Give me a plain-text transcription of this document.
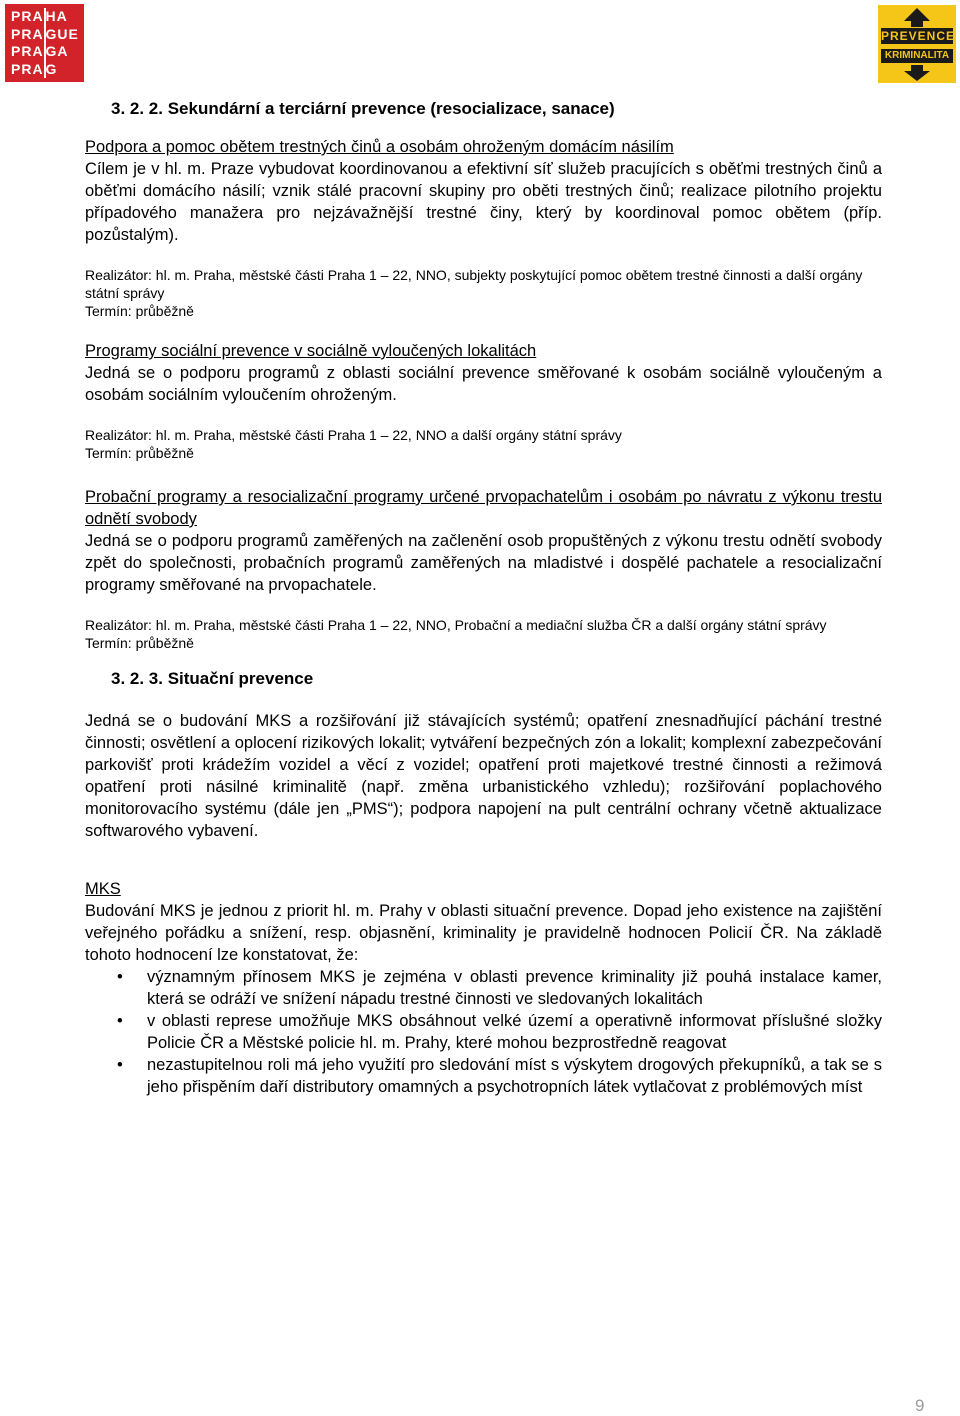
PRA HA
PRA GUE
PRA GA
PRA G
PREVENCE
KRIMINALITA

3. 2. 2. Sekundární a terciární prevence (resocializace, sanace)

Podpora a pomoc obětem trestných činů a osobám ohroženým domácím násilím

Cílem je v hl. m. Praze vybudovat koordinovanou a efektivní síť služeb pracujících s oběťmi trestných činů a oběťmi domácího násilí; vznik stálé pracovní skupiny pro oběti trestných činů; realizace pilotního projektu případového manažera pro nejzávažnější trestné činy, který by koordinoval pomoc obětem (příp. pozůstalým).

Realizátor: hl. m. Praha, městské části Praha 1 – 22, NNO, subjekty poskytující pomoc obětem trestné činnosti a další orgány státní správy

Termín: průběžně

Programy sociální prevence v sociálně vyloučených lokalitách

Jedná se o podporu programů z oblasti sociální prevence směřované k osobám sociálně vyloučeným a osobám sociálním vyloučením ohroženým.

Realizátor: hl. m. Praha, městské části Praha 1 – 22, NNO a další orgány státní správy

Termín: průběžně

Probační programy a resocializační programy určené prvopachatelům i osobám po návratu z výkonu trestu odnětí svobody

Jedná se o podporu programů zaměřených na začlenění osob propuštěných z výkonu trestu odnětí svobody zpět do společnosti, probačních programů zaměřených na mladistvé i dospělé pachatele a resocializační programy směřované na prvopachatele.

Realizátor: hl. m. Praha, městské části Praha 1 – 22, NNO, Probační a mediační služba ČR a další orgány státní správy

Termín: průběžně

3. 2. 3. Situační prevence

Jedná se o budování MKS a rozšiřování již stávajících systémů; opatření znesnadňující páchání trestné činnosti; osvětlení a oplocení rizikových lokalit; vytváření bezpečných zón a lokalit; komplexní zabezpečování parkovišť proti krádežím vozidel a věcí z vozidel; opatření proti majetkové trestné činnosti a režimová opatření proti násilné kriminalitě (např. změna urbanistického vzhledu); rozšiřování poplachového monitorovacího systému (dále jen „PMS“); podpora napojení na pult centrální ochrany včetně aktualizace softwarového vybavení.

MKS

Budování MKS je jednou z priorit hl. m. Prahy v oblasti situační prevence. Dopad jeho existence na zajištění veřejného pořádku a snížení, resp. objasnění, kriminality je pravidelně hodnocen Policií ČR. Na základě tohoto hodnocení lze konstatovat, že:

• významným přínosem MKS je zejména v oblasti prevence kriminality již pouhá instalace kamer, která se odráží ve snížení nápadu trestné činnosti ve sledovaných lokalitách
• v oblasti represe umožňuje MKS obsáhnout velké území a operativně informovat příslušné složky Policie ČR a Městské policie hl. m. Prahy, které mohou bezprostředně reagovat
• nezastupitelnou roli má jeho využití pro sledování míst s výskytem drogových překupníků, a tak se s jeho přispěním daří distributory omamných a psychotropních látek vytlačovat z problémových míst
9
